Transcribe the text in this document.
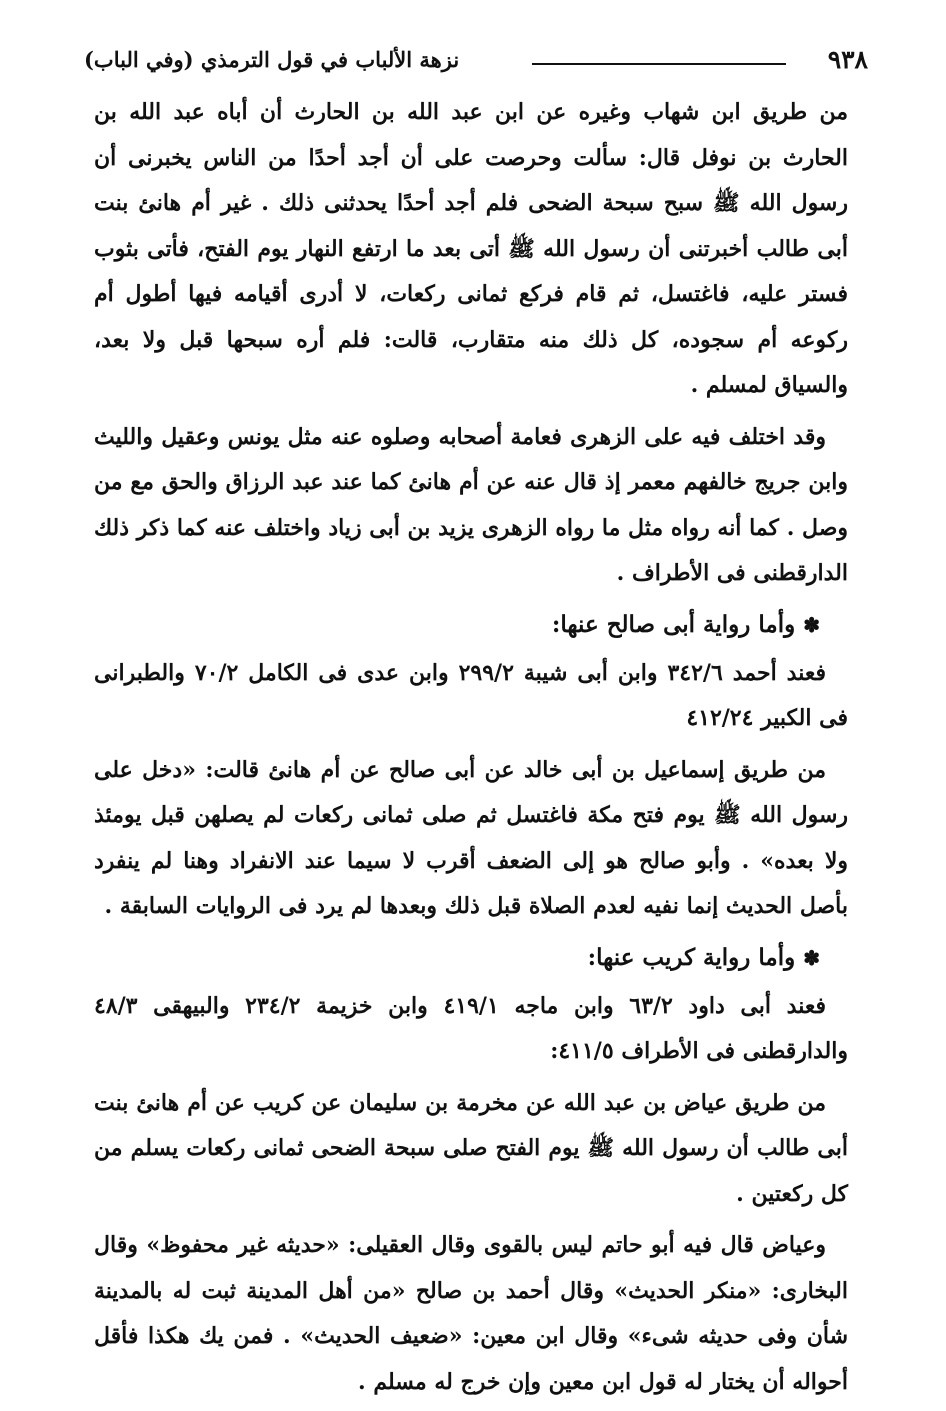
٩٣٨
نزهة الألباب في قول الترمذي (وفي الباب)

من طريق ابن شهاب وغيره عن ابن عبد الله بن الحارث أن أباه عبد الله بن الحارث بن نوفل قال: سألت وحرصت على أن أجد أحدًا من الناس يخبرنى أن رسول الله ﷺ سبح سبحة الضحى فلم أجد أحدًا يحدثنى ذلك . غير أم هانئ بنت أبى طالب أخبرتنى أن رسول الله ﷺ أتى بعد ما ارتفع النهار يوم الفتح، فأتى بثوب فستر عليه، فاغتسل، ثم قام فركع ثمانى ركعات، لا أدرى أقيامه فيها أطول أم ركوعه أم سجوده، كل ذلك منه متقارب، قالت: فلم أره سبحها قبل ولا بعد، والسياق لمسلم .

وقد اختلف فيه على الزهرى فعامة أصحابه وصلوه عنه مثل يونس وعقيل والليث وابن جريج خالفهم معمر إذ قال عنه عن أم هانئ كما عند عبد الرزاق والحق مع من وصل . كما أنه رواه مثل ما رواه الزهرى يزيد بن أبى زياد واختلف عنه كما ذكر ذلك الدارقطنى فى الأطراف .

✽وأما رواية أبى صالح عنها:

فعند أحمد ٣٤٢/٦ وابن أبى شيبة ٢٩٩/٢ وابن عدى فى الكامل ٧٠/٢ والطبرانى فى الكبير ٤١٢/٢٤

من طريق إسماعيل بن أبى خالد عن أبى صالح عن أم هانئ قالت: «دخل على رسول الله ﷺ يوم فتح مكة فاغتسل ثم صلى ثمانى ركعات لم يصلهن قبل يومئذ ولا بعده» . وأبو صالح هو إلى الضعف أقرب لا سيما عند الانفراد وهنا لم ينفرد بأصل الحديث إنما نفيه لعدم الصلاة قبل ذلك وبعدها لم يرد فى الروايات السابقة .

✽وأما رواية كريب عنها:

فعند أبى داود ٦٣/٢ وابن ماجه ٤١٩/١ وابن خزيمة ٢٣٤/٢ والبيهقى ٤٨/٣ والدارقطنى فى الأطراف ٤١١/٥:

من طريق عياض بن عبد الله عن مخرمة بن سليمان عن كريب عن أم هانئ بنت أبى طالب أن رسول الله ﷺ يوم الفتح صلى سبحة الضحى ثمانى ركعات يسلم من كل ركعتين .

وعياض قال فيه أبو حاتم ليس بالقوى وقال العقيلى: «حديثه غير محفوظ» وقال البخارى: «منكر الحديث» وقال أحمد بن صالح «من أهل المدينة ثبت له بالمدينة شأن وفى حديثه شىء» وقال ابن معين: «ضعيف الحديث» . فمن يك هكذا فأقل أحواله أن يختار له قول ابن معين وإن خرج له مسلم .
